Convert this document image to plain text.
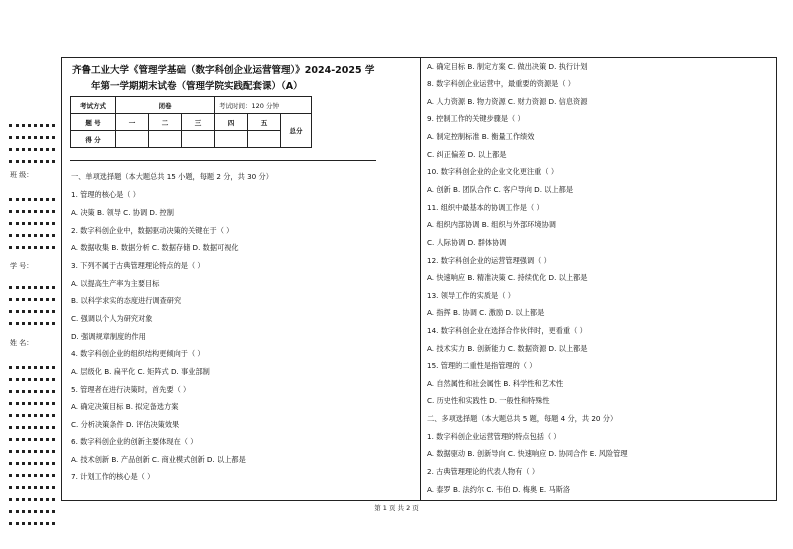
班 级：
学 号：
姓 名：
齐鲁工业大学《管理学基础（数字科创企业运营管理）》2024-2025 学
年第一学期期末试卷（管理学院实践配套课）（A）
考试方式	闭卷			考试时间：120 分钟		
题 号	一	二	三	四	五	总分
得 分						
一、单项选择题（本大题总共 15 小题，每题 2 分，共 30 分）
1. 管理的核心是（ ）
A. 决策 B. 领导 C. 协调 D. 控制
2. 数字科创企业中，数据驱动决策的关键在于（ ）
A. 数据收集 B. 数据分析 C. 数据存储 D. 数据可视化
3. 下列不属于古典管理理论特点的是（ ）
A. 以提高生产率为主要目标
B. 以科学求实的态度进行调查研究
C. 强调以个人为研究对象
D. 强调规章制度的作用
4. 数字科创企业的组织结构更倾向于（ ）
A. 层级化 B. 扁平化 C. 矩阵式 D. 事业部制
5. 管理者在进行决策时，首先要（ ）
A. 确定决策目标 B. 拟定备选方案
C. 分析决策条件 D. 评估决策效果
6. 数字科创企业的创新主要体现在（ ）
A. 技术创新 B. 产品创新 C. 商业模式创新 D. 以上都是
7. 计划工作的核心是（ ）
A. 确定目标 B. 制定方案 C. 做出决策 D. 执行计划
8. 数字科创企业运营中，最重要的资源是（ ）
A. 人力资源 B. 物力资源 C. 财力资源 D. 信息资源
9. 控制工作的关键步骤是（ ）
A. 制定控制标准 B. 衡量工作绩效
C. 纠正偏差 D. 以上都是
10. 数字科创企业的企业文化更注重（ ）
A. 创新 B. 团队合作 C. 客户导向 D. 以上都是
11. 组织中最基本的协调工作是（ ）
A. 组织内部协调 B. 组织与外部环境协调
C. 人际协调 D. 群体协调
12. 数字科创企业的运营管理强调（ ）
A. 快速响应 B. 精准决策 C. 持续优化 D. 以上都是
13. 领导工作的实质是（ ）
A. 指挥 B. 协调 C. 激励 D. 以上都是
14. 数字科创企业在选择合作伙伴时，更看重（ ）
A. 技术实力 B. 创新能力 C. 数据资源 D. 以上都是
15. 管理的二重性是指管理的（ ）
A. 自然属性和社会属性 B. 科学性和艺术性
C. 历史性和实践性 D. 一般性和特殊性
二、多项选择题（本大题总共 5 题，每题 4 分，共 20 分）
1. 数字科创企业运营管理的特点包括（ ）
A. 数据驱动 B. 创新导向 C. 快速响应 D. 协同合作 E. 风险管理
2. 古典管理理论的代表人物有（ ）
A. 泰罗 B. 法约尔 C. 韦伯 D. 梅奥 E. 马斯洛
第 1 页 共 2 页
